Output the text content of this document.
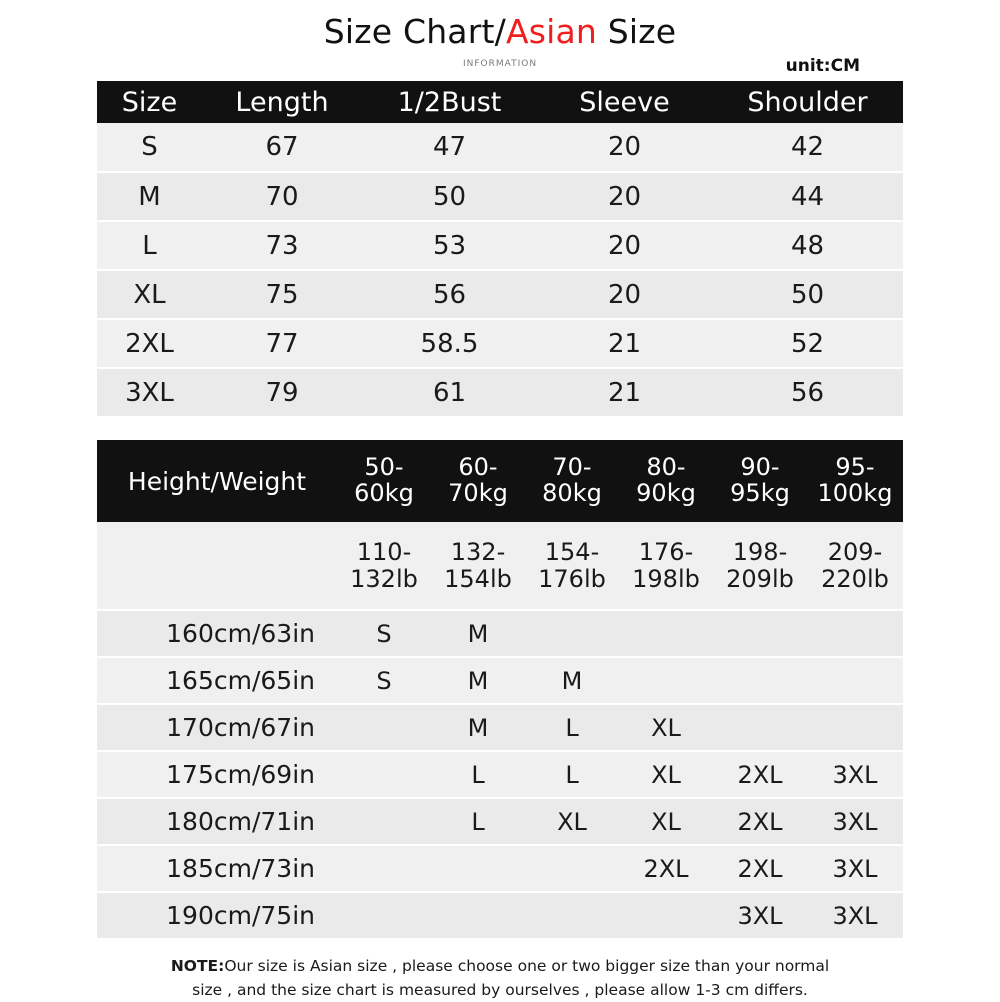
Size Chart/Asian Size
INFORMATION	unit:CM
Size	Length	1/2Bust	Sleeve	Shoulder
S	67	47	20	42
M	70	50	20	44
L	73	53	20	48
XL	75	56	20	50
2XL	77	58.5	21	52
3XL	79	61	21	56
Height/Weight	50-60kg	60-70kg	70-80kg	80-90kg	90-95kg	95-100kg
	110-132lb	132-154lb	154-176lb	176-198lb	198-209lb	209-220lb
160cm/63in	S	M				
165cm/65in	S	M	M			
170cm/67in		M	L	XL		
175cm/69in		L	L	XL	2XL	3XL
180cm/71in		L	XL	XL	2XL	3XL
185cm/73in				2XL	2XL	3XL
190cm/75in					3XL	3XL
NOTE:Our size is Asian size , please choose one or two bigger size than your normal
size , and the size chart is measured by ourselves , please allow 1-3 cm differs.
